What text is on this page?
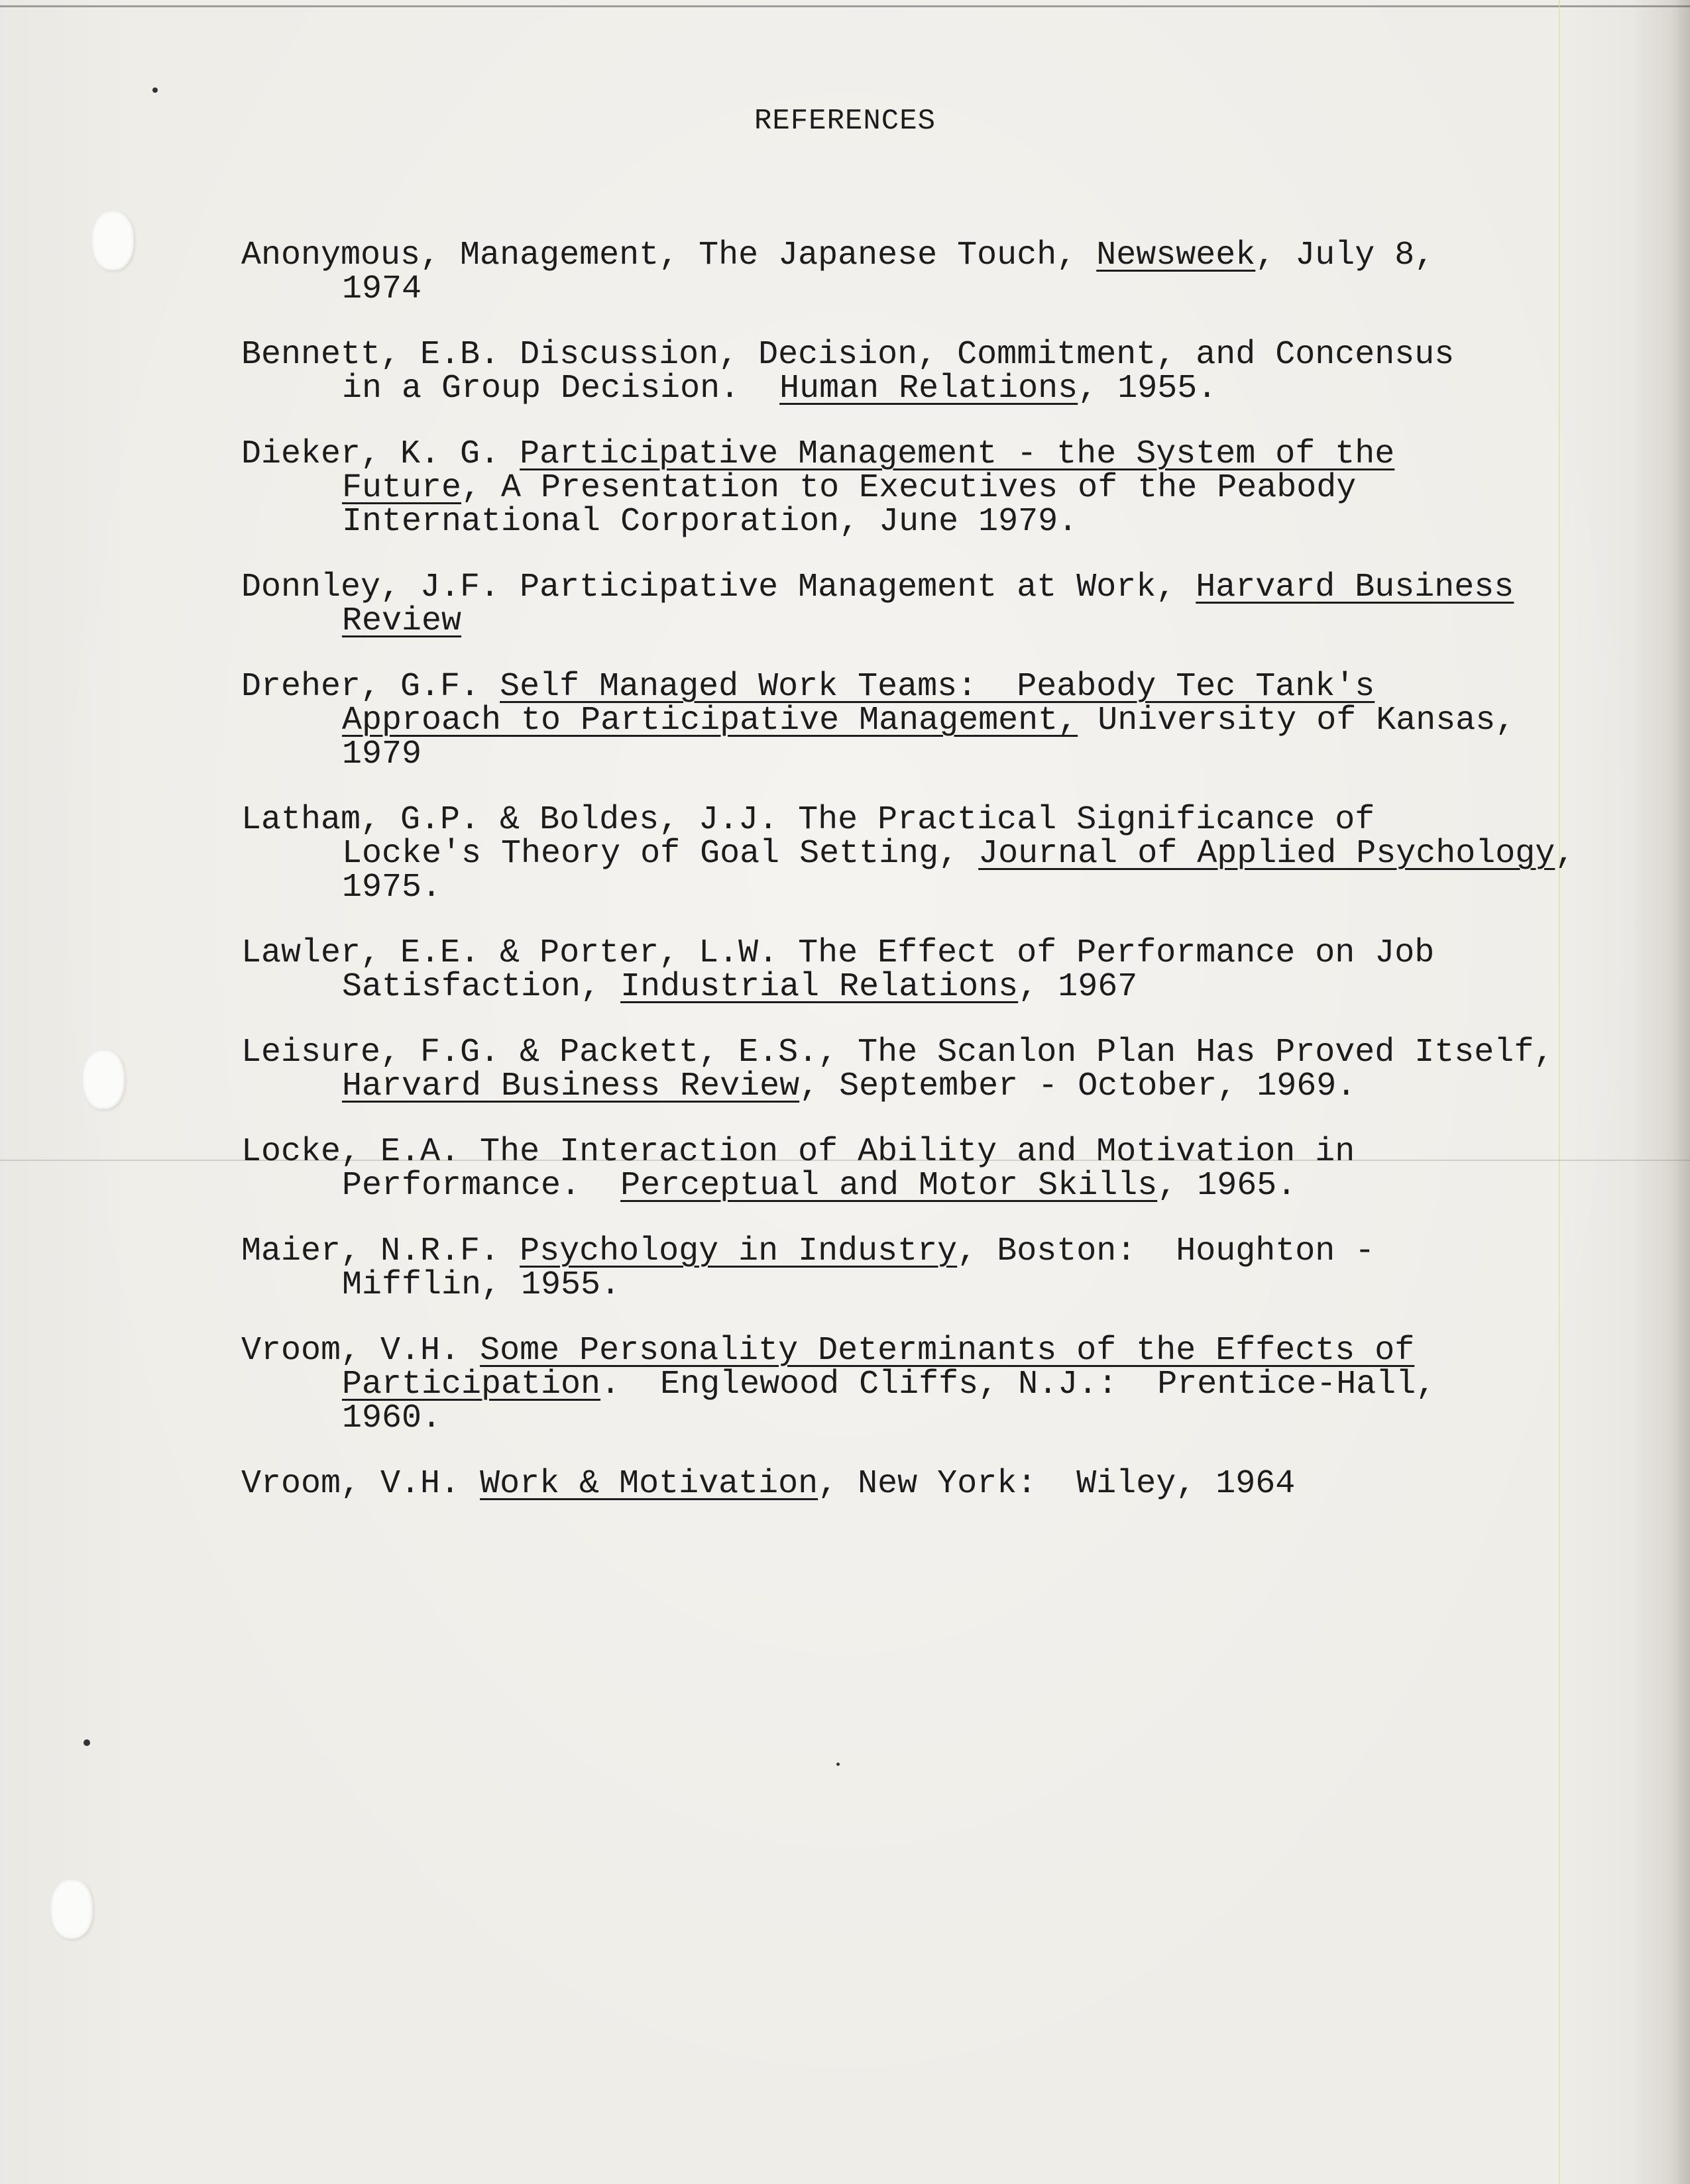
REFERENCES

Anonymous, Management, The Japanese Touch, Newsweek, July 8,
1974

Bennett, E.B. Discussion, Decision, Commitment, and Concensus
in a Group Decision.  Human Relations, 1955.

Dieker, K. G. Participative Management - the System of the
Future, A Presentation to Executives of the Peabody
International Corporation, June 1979.

Donnley, J.F. Participative Management at Work, Harvard Business
Review

Dreher, G.F. Self Managed Work Teams:  Peabody Tec Tank's
Approach to Participative Management, University of Kansas,
1979

Latham, G.P. & Boldes, J.J. The Practical Significance of
Locke's Theory of Goal Setting, Journal of Applied Psychology,
1975.

Lawler, E.E. & Porter, L.W. The Effect of Performance on Job
Satisfaction, Industrial Relations, 1967

Leisure, F.G. & Packett, E.S., The Scanlon Plan Has Proved Itself,
Harvard Business Review, September - October, 1969.

Locke, E.A. The Interaction of Ability and Motivation in
Performance.  Perceptual and Motor Skills, 1965.

Maier, N.R.F. Psychology in Industry, Boston:  Houghton -
Mifflin, 1955.

Vroom, V.H. Some Personality Determinants of the Effects of
Participation.  Englewood Cliffs, N.J.:  Prentice-Hall,
1960.

Vroom, V.H. Work & Motivation, New York:  Wiley, 1964
